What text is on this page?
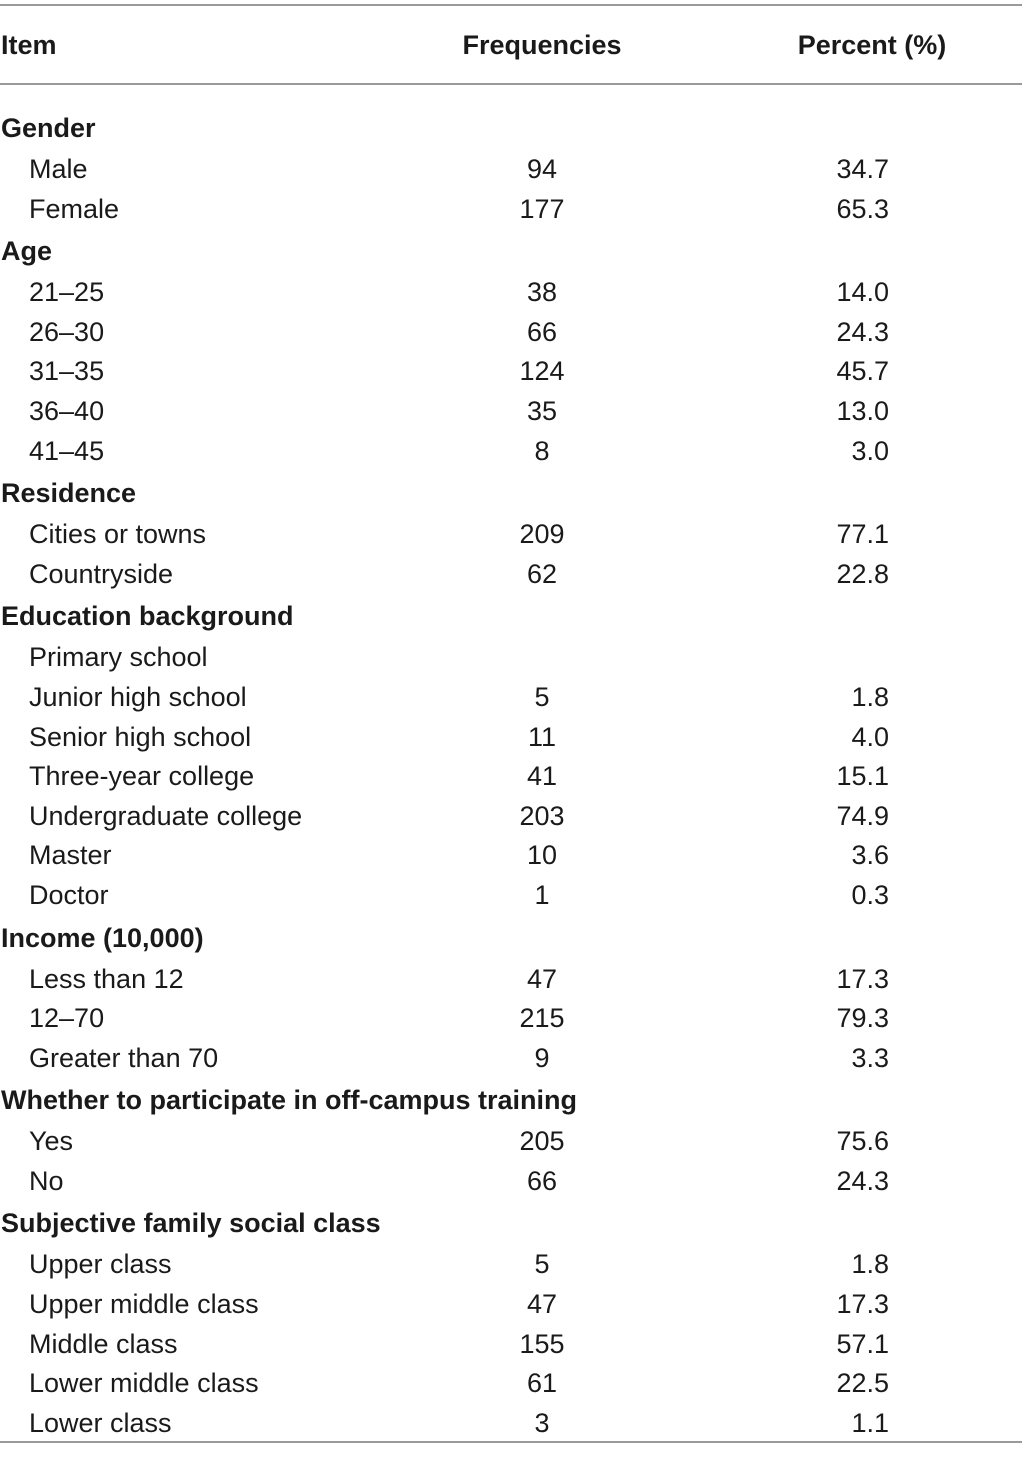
Item	Frequencies	Percent (%)
Gender
Male	94	34.7
Female	177	65.3
Age
21–25	38	14.0
26–30	66	24.3
31–35	124	45.7
36–40	35	13.0
41–45	8	3.0
Residence
Cities or towns	209	77.1
Countryside	62	22.8
Education background
Primary school
Junior high school	5	1.8
Senior high school	11	4.0
Three-year college	41	15.1
Undergraduate college	203	74.9
Master	10	3.6
Doctor	1	0.3
Income (10,000)
Less than 12	47	17.3
12–70	215	79.3
Greater than 70	9	3.3
Whether to participate in off-campus training
Yes	205	75.6
No	66	24.3
Subjective family social class
Upper class	5	1.8
Upper middle class	47	17.3
Middle class	155	57.1
Lower middle class	61	22.5
Lower class	3	1.1
